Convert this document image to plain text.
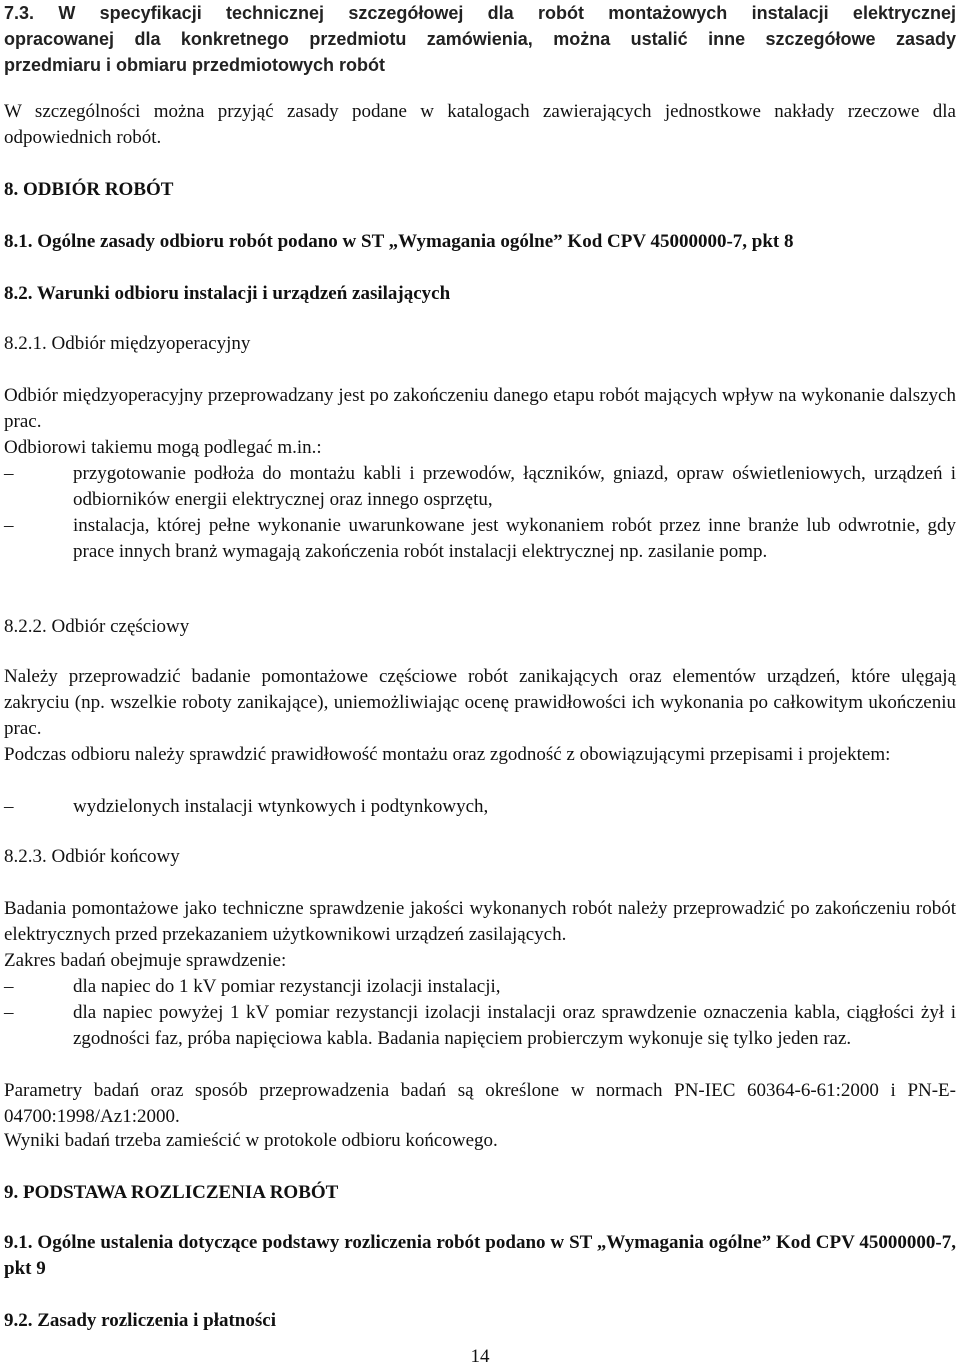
7.3. W specyfikacji technicznej szczegółowej dla robót montażowych instalacji elektrycznej
opracowanej dla konkretnego przedmiotu zamówienia, można ustalić inne szczegółowe zasady
przedmiaru i obmiaru przedmiotowych robót

W szczególności można przyjąć zasady podane w katalogach zawierających jednostkowe nakłady rzeczowe dla odpowiednich robót.

8. ODBIÓR ROBÓT
8.1. Ogólne zasady odbioru robót podano w ST „Wymagania ogólne” Kod CPV 45000000-7, pkt 8
8.2. Warunki odbioru instalacji i urządzeń zasilających
8.2.1. Odbiór międzyoperacyjny

Odbiór międzyoperacyjny przeprowadzany jest po zakończeniu danego etapu robót mających wpływ na wykonanie dalszych prac.

Odbiorowi takiemu mogą podlegać m.in.:

–	przygotowanie podłoża do montażu kabli i przewodów, łączników, gniazd, opraw oświetleniowych, urządzeń i odbiorników energii elektrycznej oraz innego osprzętu,

–	instalacja, której pełne wykonanie uwarunkowane jest wykonaniem robót przez inne branże lub odwrotnie, gdy prace innych branż wymagają zakończenia robót instalacji elektrycznej np. zasilanie pomp.

8.2.2. Odbiór częściowy

Należy przeprowadzić badanie pomontażowe częściowe robót zanikających oraz elementów urządzeń, które ulęgają zakryciu (np. wszelkie roboty zanikające), uniemożliwiając ocenę prawidłowości ich wykonania po całkowitym ukończeniu prac.

Podczas odbioru należy sprawdzić prawidłowość montażu oraz zgodność z obowiązującymi przepisami i projektem:

–	wydzielonych instalacji wtynkowych i podtynkowych,

8.2.3. Odbiór końcowy

Badania pomontażowe jako techniczne sprawdzenie jakości wykonanych robót należy przeprowadzić po zakończeniu robót elektrycznych przed przekazaniem użytkownikowi urządzeń zasilających.

Zakres badań obejmuje sprawdzenie:

–	dla napiec do 1 kV pomiar rezystancji izolacji instalacji,

–	dla napiec powyżej 1 kV pomiar rezystancji izolacji instalacji oraz sprawdzenie oznaczenia kabla, ciągłości żył i zgodności faz, próba napięciowa kabla. Badania napięciem probierczym wykonuje się tylko jeden raz.

Parametry badań oraz sposób przeprowadzenia badań są określone w normach PN-IEC 60364-6-61:2000 i PN-E-04700:1998/Az1:2000.

Wyniki badań trzeba zamieścić w protokole odbioru końcowego.

9. PODSTAWA ROZLICZENIA ROBÓT

9.1. Ogólne ustalenia dotyczące podstawy rozliczenia robót podano w ST „Wymagania ogólne” Kod CPV 45000000-7, pkt 9

9.2. Zasady rozliczenia i płatności
14
